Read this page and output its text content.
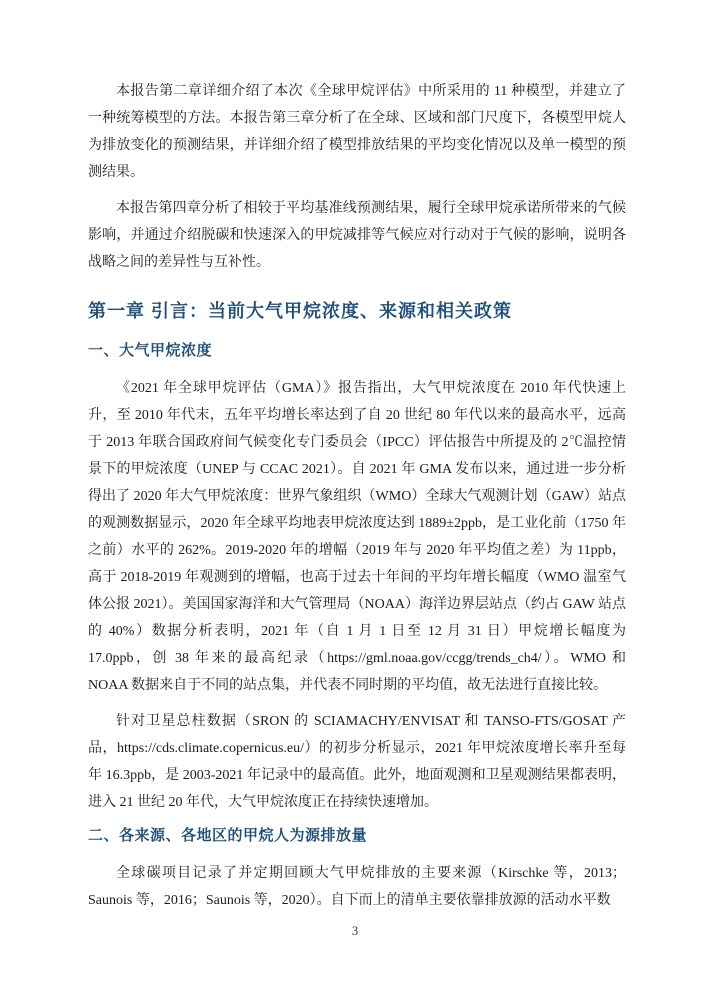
本报告第二章详细介绍了本次《全球甲烷评估》中所采用的 11 种模型，并建立了一种统筹模型的方法。本报告第三章分析了在全球、区域和部门尺度下，各模型甲烷人为排放变化的预测结果，并详细介绍了模型排放结果的平均变化情况以及单一模型的预测结果。

本报告第四章分析了相较于平均基准线预测结果，履行全球甲烷承诺所带来的气候影响，并通过介绍脱碳和快速深入的甲烷减排等气候应对行动对于气候的影响，说明各战略之间的差异性与互补性。

第一章 引言：当前大气甲烷浓度、来源和相关政策
一、大气甲烷浓度

《2021 年全球甲烷评估（GMA）》报告指出，大气甲烷浓度在 2010 年代快速上升，至 2010 年代末，五年平均增长率达到了自 20 世纪 80 年代以来的最高水平，远高于 2013 年联合国政府间气候变化专门委员会（IPCC）评估报告中所提及的 2℃温控情景下的甲烷浓度（UNEP 与 CCAC 2021）。自 2021 年 GMA 发布以来，通过进一步分析得出了 2020 年大气甲烷浓度：世界气象组织（WMO）全球大气观测计划（GAW）站点的观测数据显示，2020 年全球平均地表甲烷浓度达到 1889±2ppb，是工业化前（1750 年之前）水平的 262%。2019-2020 年的增幅（2019 年与 2020 年平均值之差）为 11ppb，高于 2018-2019 年观测到的增幅，也高于过去十年间的平均年增长幅度（WMO 温室气体公报 2021）。美国国家海洋和大气管理局（NOAA）海洋边界层站点（约占 GAW 站点的 40%）数据分析表明，2021 年（自 1 月 1 日至 12 月 31 日）甲烷增长幅度为 17.0ppb，创 38 年来的最高纪录（https://gml.noaa.gov/ccgg/trends_ch4/）。WMO 和 NOAA 数据来自于不同的站点集，并代表不同时期的平均值，故无法进行直接比较。

针对卫星总柱数据（SRON 的 SCIAMACHY/ENVISAT 和 TANSO-FTS/GOSAT 产品，https://cds.climate.copernicus.eu/）的初步分析显示，2021 年甲烷浓度增长率升至每年 16.3ppb，是 2003-2021 年记录中的最高值。此外，地面观测和卫星观测结果都表明，进入 21 世纪 20 年代，大气甲烷浓度正在持续快速增加。

二、各来源、各地区的甲烷人为源排放量

全球碳项目记录了并定期回顾大气甲烷排放的主要来源（Kirschke 等，2013；Saunois 等，2016；Saunois 等，2020）。自下而上的清单主要依靠排放源的活动水平数

3
